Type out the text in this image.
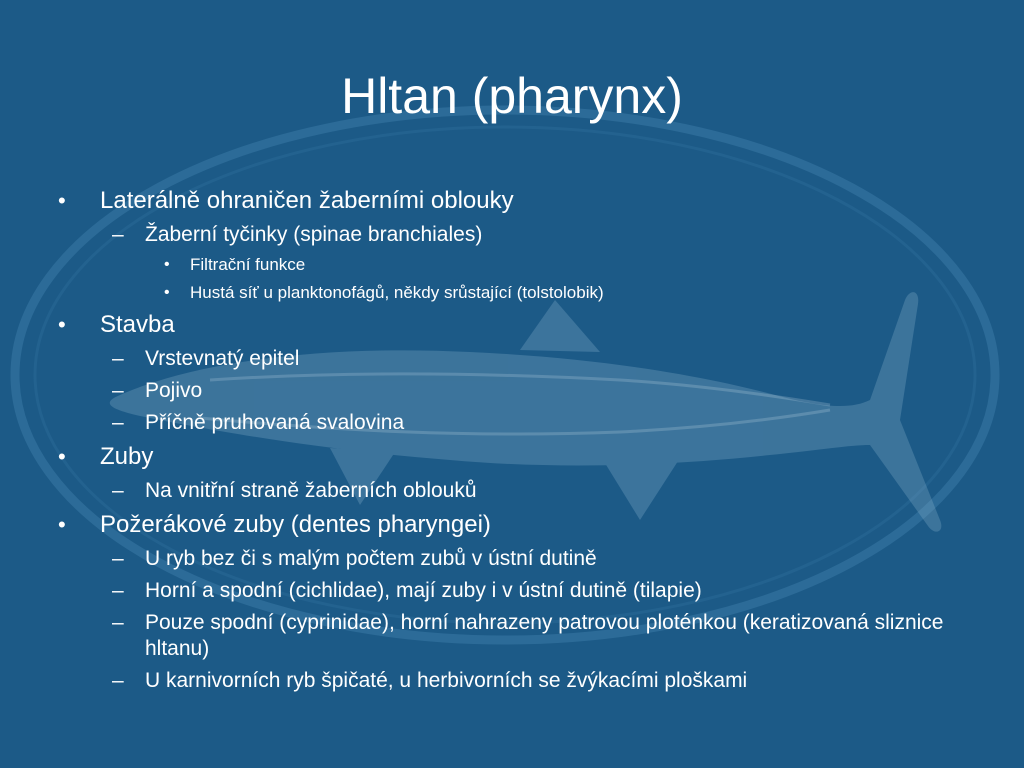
Hltan (pharynx)
• Laterálně ohraničen žaberními oblouky
– Žaberní tyčinky (spinae branchiales)
• Filtrační funkce
• Hustá síť u planktonofágů, někdy srůstající (tolstolobik)
• Stavba
– Vrstevnatý epitel
– Pojivo
– Příčně pruhovaná svalovina
• Zuby
– Na vnitřní straně žaberních oblouků
• Požerákové zuby (dentes pharyngei)
– U ryb bez či s malým počtem zubů v ústní dutině
– Horní a spodní (cichlidae), mají zuby i v ústní dutině (tilapie)
– Pouze spodní (cyprinidae), horní nahrazeny patrovou ploténkou (keratizovaná sliznice hltanu)
– U karnivorních ryb špičaté, u herbivorních se žvýkacími ploškami
